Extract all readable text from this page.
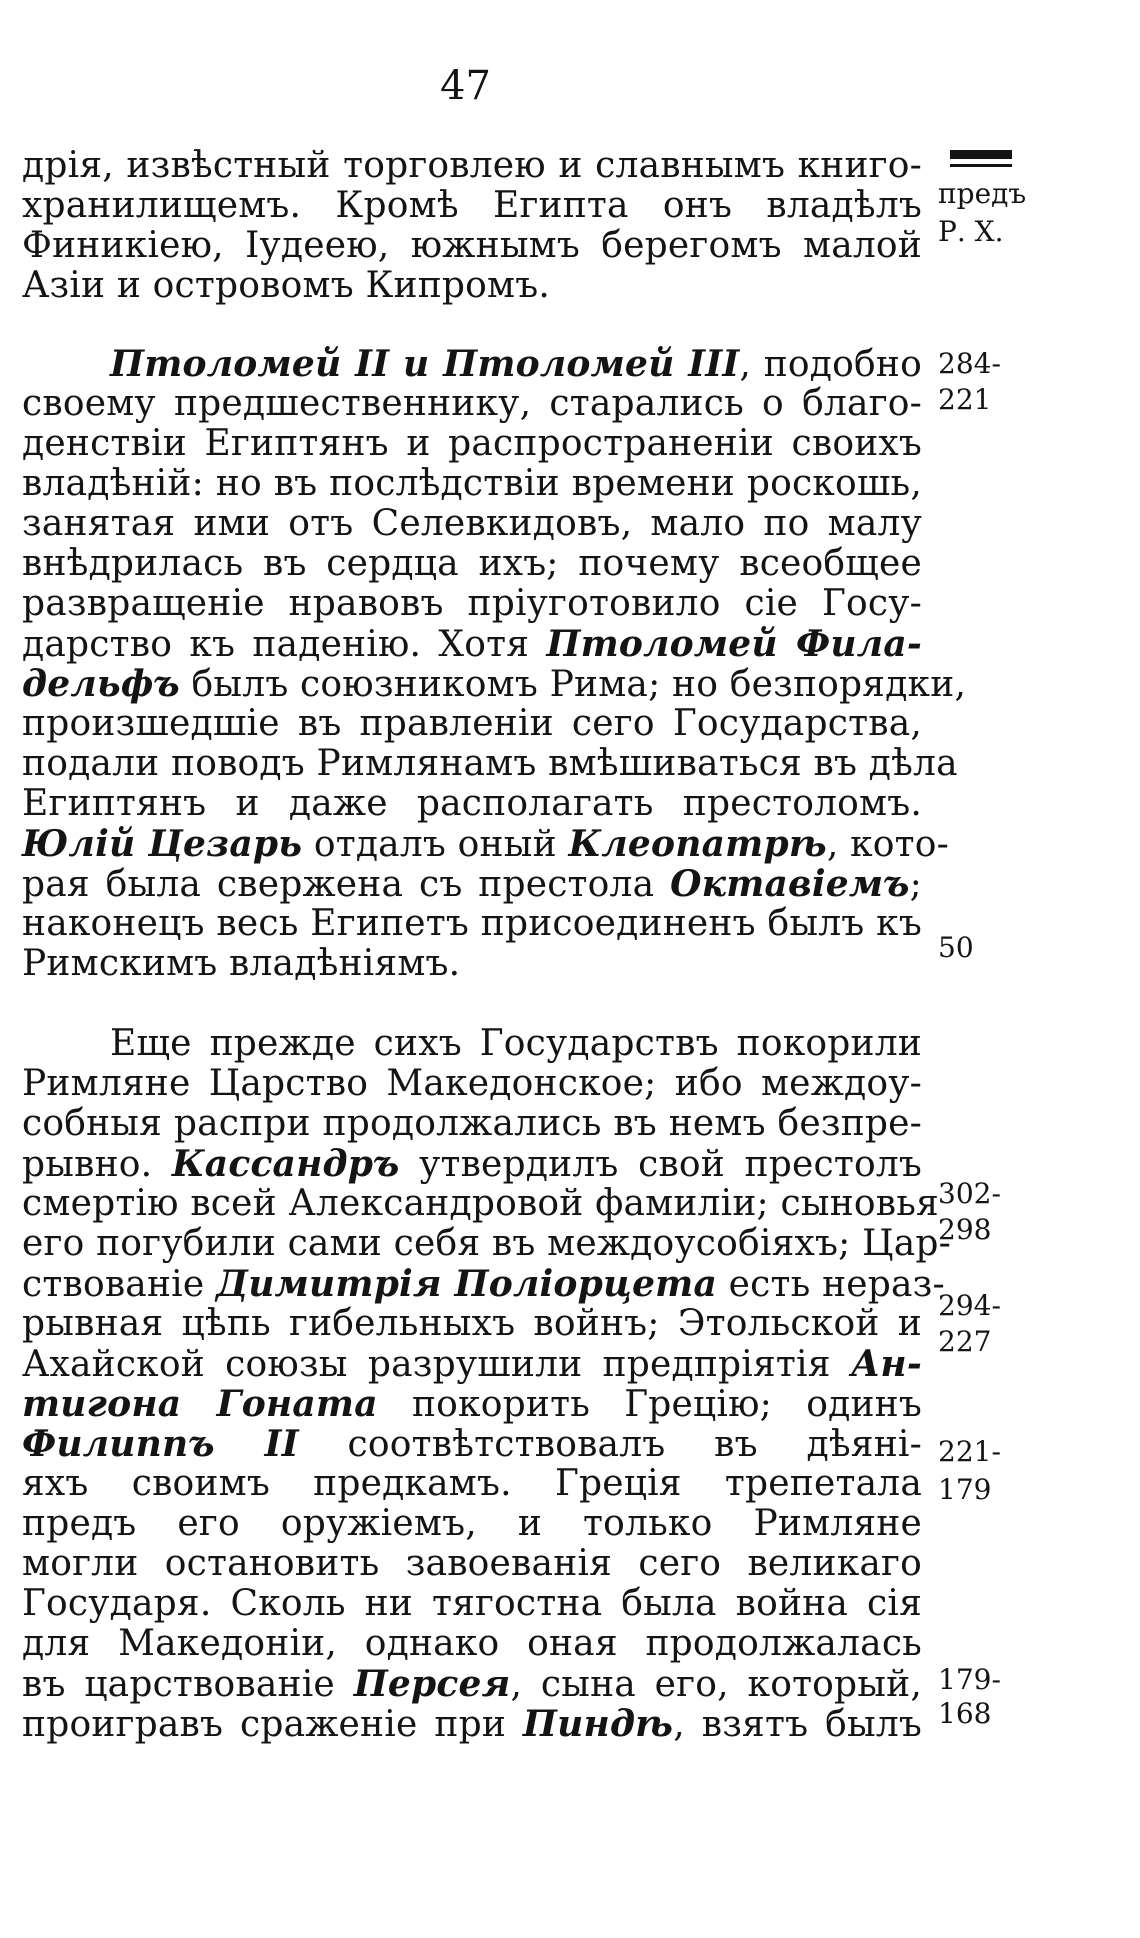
47
предъ
Р. Х.
284-
221
50
302-
298
294-
227
221-
179
179-
168
дрія, извѣстный торговлею и славнымъ книго-
хранилищемъ. Кромѣ Египта онъ владѣлъ
Финикіею, Іудеею, южнымъ берегомъ малой
Азіи и островомъ Кипромъ.
Птоломей II и Птоломей III, подобно
своему предшественнику, старались о благо-
денствіи Египтянъ и распространеніи своихъ
владѣній: но въ послѣдствіи времени роскошь,
занятая ими отъ Селевкидовъ, мало по малу
внѣдрилась въ сердца ихъ; почему всеобщее
развращеніе нравовъ пріуготовило сіе Госу-
дарство къ паденію. Хотя Птоломей Фила-
дельфъ былъ союзникомъ Рима; но безпорядки,
произшедшіе въ правленіи сего Государства,
подали поводъ Римлянамъ вмѣшиваться въ дѣла
Египтянъ и даже располагать престоломъ.
Юлій Цезарь отдалъ оный Клеопатрѣ, кото-
рая была свержена съ престола Октавіемъ;
наконецъ весь Египетъ присоединенъ былъ къ
Римскимъ владѣніямъ.
Еще прежде сихъ Государствъ покорили
Римляне Царство Македонское; ибо междоу-
собныя распри продолжались въ немъ безпре-
рывно. Кассандръ утвердилъ свой престолъ
смертію всей Александровой фамиліи; сыновья
его погубили сами себя въ междоусобіяхъ; Цар-
ствованіе Димитрія Поліорцета есть нераз-
рывная цѣпь гибельныхъ войнъ; Этольской и
Ахайской союзы разрушили предпріятія Ан-
тигона Гоната покорить Грецію; одинъ
Филиппъ II соотвѣтствовалъ въ дѣяні-
яхъ своимъ предкамъ. Греція трепетала
предъ его оружіемъ, и только Римляне
могли остановить завоеванія сего великаго
Государя. Сколь ни тягостна была война сія
для Македоніи, однако оная продолжалась
въ царствованіе Персея, сына его, который,
проигравъ сраженіе при Пиндѣ, взятъ былъ
